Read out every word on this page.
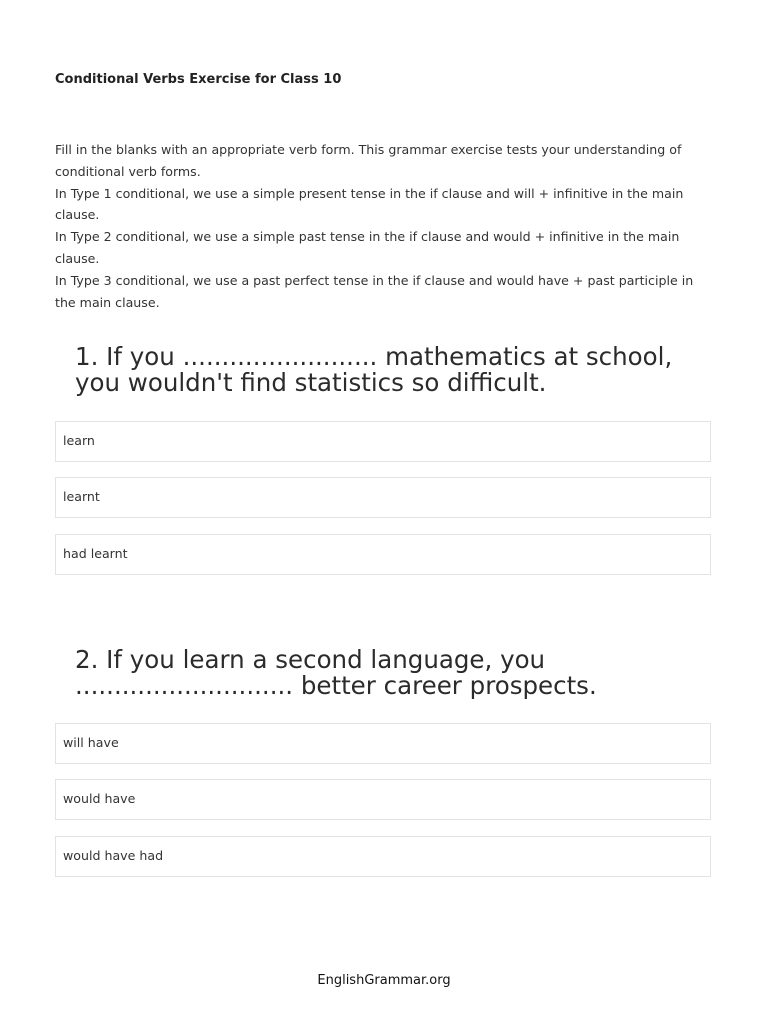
Conditional Verbs Exercise for Class 10

Fill in the blanks with an appropriate verb form. This grammar exercise tests your understanding of conditional verb forms.

In Type 1 conditional, we use a simple present tense in the if clause and will + infinitive in the main clause.

In Type 2 conditional, we use a simple past tense in the if clause and would + infinitive in the main clause.

In Type 3 conditional, we use a past perfect tense in the if clause and would have + past participle in the main clause.

1. If you ......................... mathematics at school, you wouldn't find statistics so difficult.
learn
learnt
had learnt
2. If you learn a second language, you ............................ better career prospects.
will have
would have
would have had
EnglishGrammar.org
